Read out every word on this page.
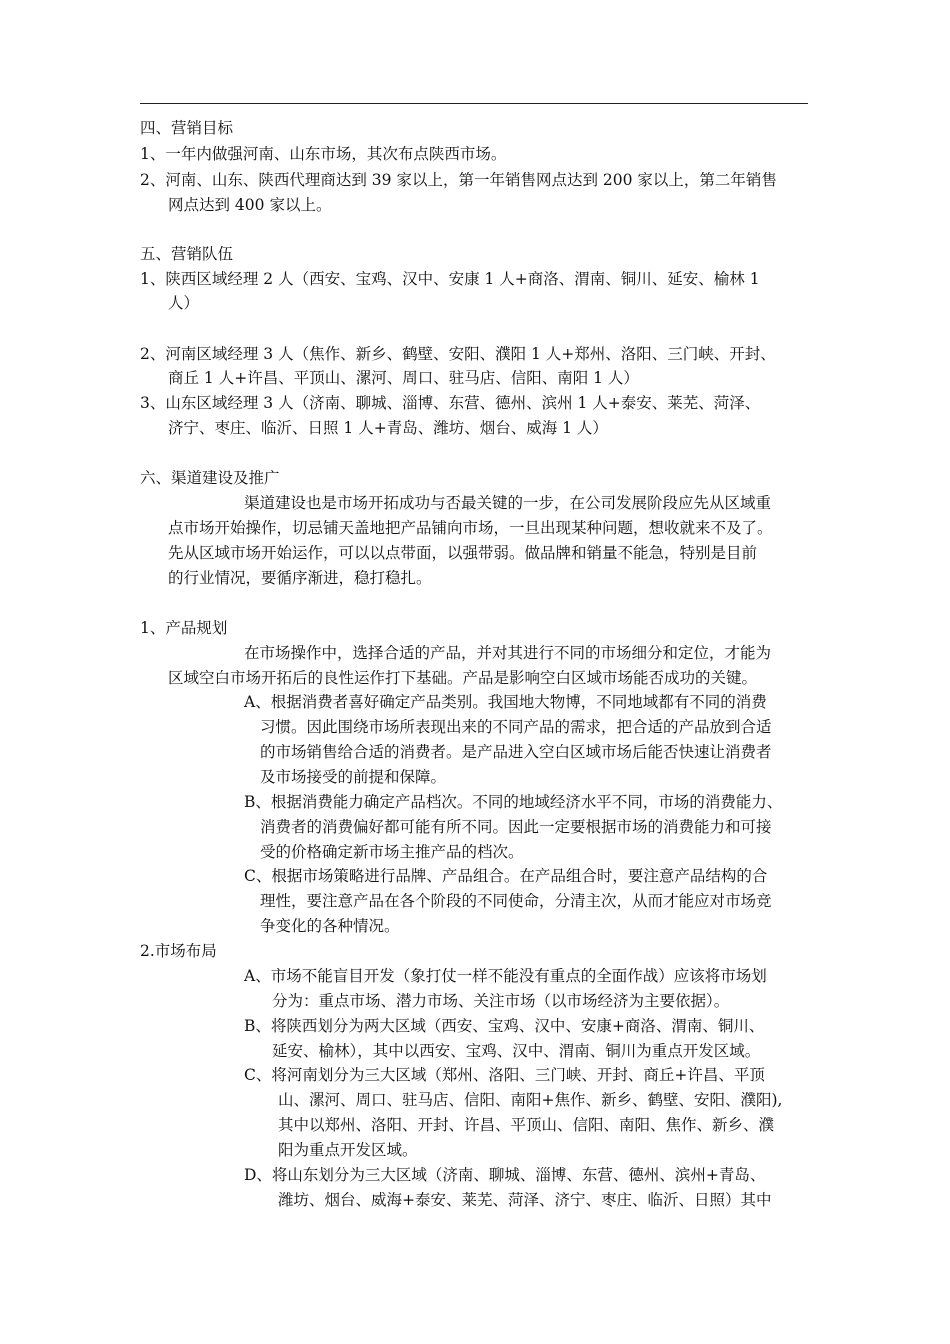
四、营销目标
1、一年内做强河南、山东市场，其次布点陕西市场。
2、河南、山东、陕西代理商达到 39 家以上，第一年销售网点达到 200 家以上，第二年销售
网点达到 400 家以上。
五、营销队伍
1、陕西区域经理 2 人（西安、宝鸡、汉中、安康 1 人+商洛、渭南、铜川、延安、榆林 1
人）
2、河南区域经理 3 人（焦作、新乡、鹤壁、安阳、濮阳 1 人+郑州、洛阳、三门峡、开封、
商丘 1 人+许昌、平顶山、漯河、周口、驻马店、信阳、南阳 1 人）
3、山东区域经理 3 人（济南、聊城、淄博、东营、德州、滨州 1 人+泰安、莱芜、菏泽、
济宁、枣庄、临沂、日照 1 人+青岛、潍坊、烟台、威海 1 人）
六、渠道建设及推广
渠道建设也是市场开拓成功与否最关键的一步，在公司发展阶段应先从区域重
点市场开始操作，切忌铺天盖地把产品铺向市场，一旦出现某种问题，想收就来不及了。
先从区域市场开始运作，可以以点带面，以强带弱。做品牌和销量不能急，特别是目前
的行业情况，要循序渐进，稳打稳扎。
1、产品规划
在市场操作中，选择合适的产品，并对其进行不同的市场细分和定位，才能为
区域空白市场开拓后的良性运作打下基础。产品是影响空白区域市场能否成功的关键。
A、根据消费者喜好确定产品类别。我国地大物博，不同地域都有不同的消费
习惯。因此围绕市场所表现出来的不同产品的需求，把合适的产品放到合适
的市场销售给合适的消费者。是产品进入空白区域市场后能否快速让消费者
及市场接受的前提和保障。
B、根据消费能力确定产品档次。不同的地域经济水平不同，市场的消费能力、
消费者的消费偏好都可能有所不同。因此一定要根据市场的消费能力和可接
受的价格确定新市场主推产品的档次。
C、根据市场策略进行品牌、产品组合。在产品组合时，要注意产品结构的合
理性，要注意产品在各个阶段的不同使命，分清主次，从而才能应对市场竞
争变化的各种情况。
2.市场布局
A、市场不能盲目开发（象打仗一样不能没有重点的全面作战）应该将市场划
分为：重点市场、潜力市场、关注市场（以市场经济为主要依据）。
B、将陕西划分为两大区域（西安、宝鸡、汉中、安康+商洛、渭南、铜川、
延安、榆林），其中以西安、宝鸡、汉中、渭南、铜川为重点开发区域。
C、将河南划分为三大区域（郑州、洛阳、三门峡、开封、商丘+许昌、平顶
山、漯河、周口、驻马店、信阳、南阳+焦作、新乡、鹤壁、安阳、濮阳),
其中以郑州、洛阳、开封、许昌、平顶山、信阳、南阳、焦作、新乡、濮
阳为重点开发区域。
D、将山东划分为三大区域（济南、聊城、淄博、东营、德州、滨州+青岛、
潍坊、烟台、威海+泰安、莱芜、菏泽、济宁、枣庄、临沂、日照）其中
